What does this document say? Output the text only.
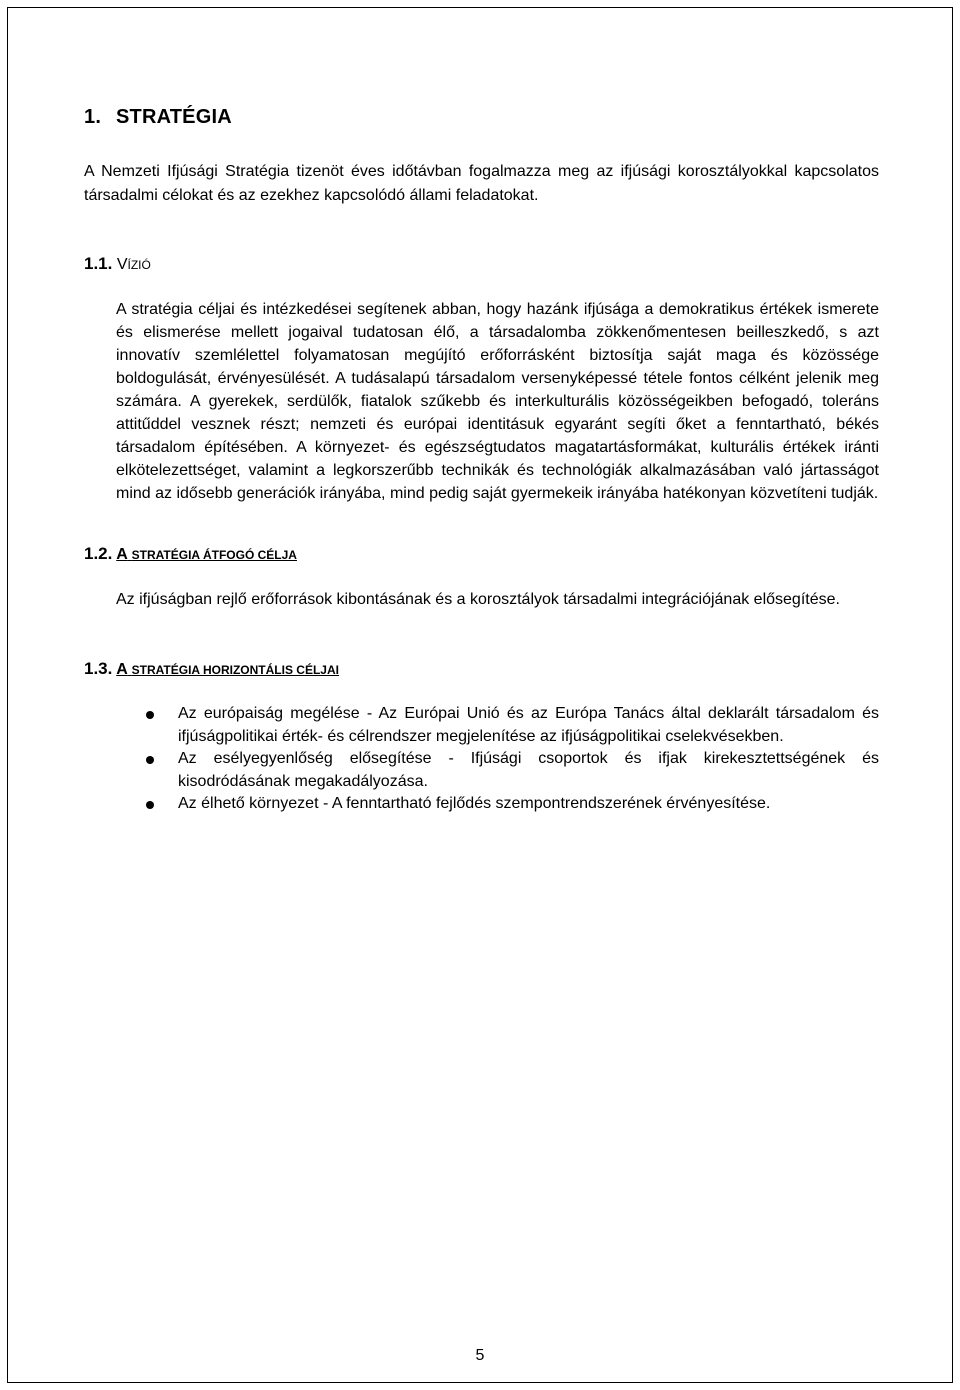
1. STRATÉGIA
A Nemzeti Ifjúsági Stratégia tizenöt éves időtávban fogalmazza meg az ifjúsági korosztályokkal kapcsolatos társadalmi célokat és az ezekhez kapcsolódó állami feladatokat.
1.1. VÍZIÓ

A stratégia céljai és intézkedései segítenek abban, hogy hazánk ifjúsága a demokratikus értékek ismerete és elismerése mellett jogaival tudatosan élő, a társadalomba zökkenőmentesen beilleszkedő, s azt innovatív szemlélettel folyamatosan megújító erőforrásként biztosítja saját maga és közössége boldogulását, érvényesülését. A tudásalapú társadalom versenyképessé tétele fontos célként jelenik meg számára. A gyerekek, serdülők, fiatalok szűkebb és interkulturális közösségeikben befogadó, toleráns attitűddel vesznek részt; nemzeti és európai identitásuk egyaránt segíti őket a fenntartható, békés társadalom építésében. A környezet- és egészségtudatos magatartásformákat, kulturális értékek iránti elkötelezettséget, valamint a legkorszerűbb technikák és technológiák alkalmazásában való jártasságot mind az idősebb generációk irányába, mind pedig saját gyermekeik irányába hatékonyan közvetíteni tudják.

1.2. A STRATÉGIA ÁTFOGÓ CÉLJA
Az ifjúságban rejlő erőforrások kibontásának és a korosztályok társadalmi integrációjának elősegítése.
1.3. A STRATÉGIA HORIZONTÁLIS CÉLJAI
Az európaiság megélése - Az Európai Unió és az Európa Tanács által deklarált társadalom és ifjúságpolitikai érték- és célrendszer megjelenítése az ifjúságpolitikai cselekvésekben.
Az esélyegyenlőség elősegítése - Ifjúsági csoportok és ifjak kirekesztettségének és kisodródásának megakadályozása.
Az élhető környezet - A fenntartható fejlődés szempontrendszerének érvényesítése.
5
